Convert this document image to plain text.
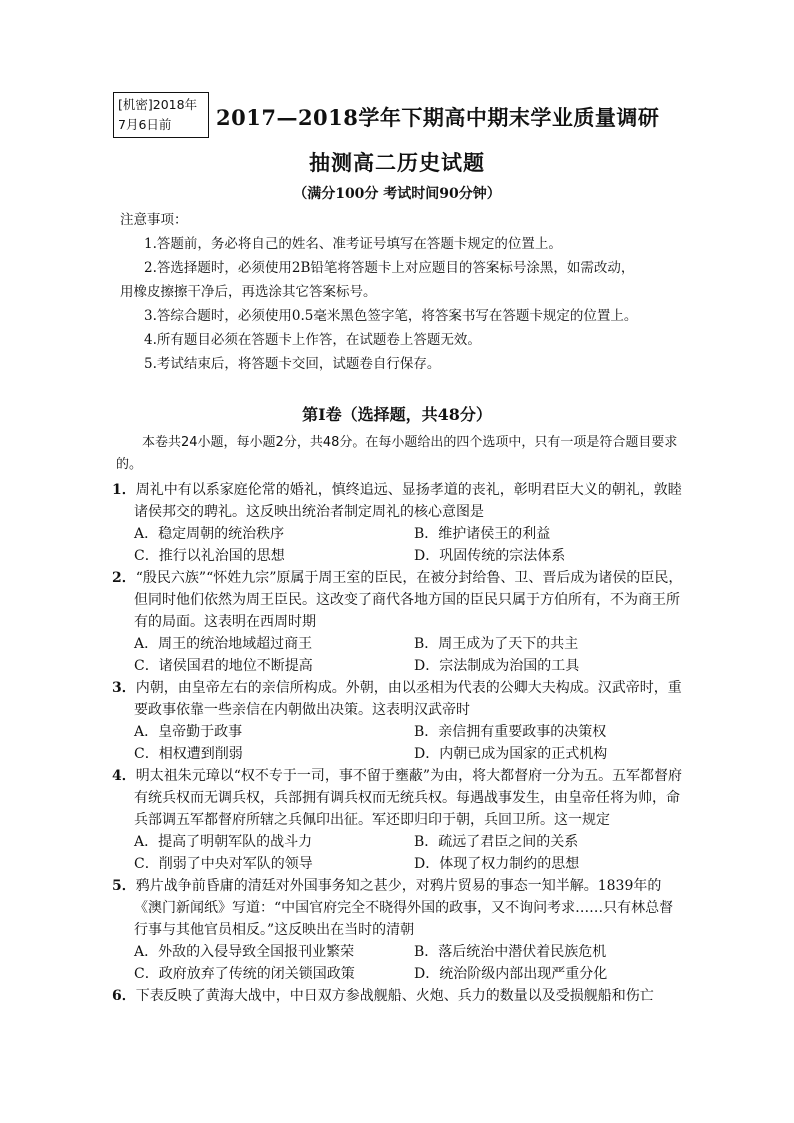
[机密]2018年7月6日前	2017—2018学年下期高中期末学业质量调研
抽测高二历史试题
（满分100分 考试时间90分钟）

注意事项：

1.答题前，务必将自己的姓名、准考证号填写在答题卡规定的位置上。

2.答选择题时，必须使用2B铅笔将答题卡上对应题目的答案标号涂黑，如需改动，

用橡皮擦擦干净后，再选涂其它答案标号。

3.答综合题时，必须使用0.5毫米黑色签字笔，将答案书写在答题卡规定的位置上。

4.所有题目必须在答题卡上作答，在试题卷上答题无效。

5.考试结束后，将答题卡交回，试题卷自行保存。

第Ⅰ卷（选择题，共48分）
本卷共24小题，每小题2分，共48分。在每小题给出的四个选项中，只有一项是符合题目要求的。

1．周礼中有以系家庭伦常的婚礼，慎终追远、显扬孝道的丧礼，彰明君臣大义的朝礼，敦睦诸侯邦交的聘礼。这反映出统治者制定周礼的核心意图是

A．稳定周朝的统治秩序	B．维护诸侯王的利益
C．推行以礼治国的思想	D．巩固传统的宗法体系

2．“殷民六族”“怀姓九宗”原属于周王室的臣民，在被分封给鲁、卫、晋后成为诸侯的臣民，但同时他们依然为周王臣民。这改变了商代各地方国的臣民只属于方伯所有，不为商王所有的局面。这表明在西周时期

A．周王的统治地域超过商王	B．周王成为了天下的共主
C．诸侯国君的地位不断提高	D．宗法制成为治国的工具

3．内朝，由皇帝左右的亲信所构成。外朝，由以丞相为代表的公卿大夫构成。汉武帝时，重要政事依靠一些亲信在内朝做出决策。这表明汉武帝时

A．皇帝勤于政事	B．亲信拥有重要政事的决策权
C．相权遭到削弱	D．内朝已成为国家的正式机构

4．明太祖朱元璋以“权不专于一司，事不留于壅蔽”为由，将大都督府一分为五。五军都督府有统兵权而无调兵权，兵部拥有调兵权而无统兵权。每遇战事发生，由皇帝任将为帅，命兵部调五军都督府所辖之兵佩印出征。军还即归印于朝，兵回卫所。这一规定

A．提高了明朝军队的战斗力	B．疏远了君臣之间的关系
C．削弱了中央对军队的领导	D．体现了权力制约的思想

5．鸦片战争前昏庸的清廷对外国事务知之甚少，对鸦片贸易的事态一知半解。1839年的《澳门新闻纸》写道：“中国官府完全不晓得外国的政事，又不询问考求……只有林总督行事与其他官员相反。”这反映出在当时的清朝

A．外敌的入侵导致全国报刊业繁荣	B．落后统治中潜伏着民族危机
C．政府放弃了传统的闭关锁国政策	D．统治阶级内部出现严重分化

6．下表反映了黄海大战中，中日双方参战舰船、火炮、兵力的数量以及受损舰船和伤亡
